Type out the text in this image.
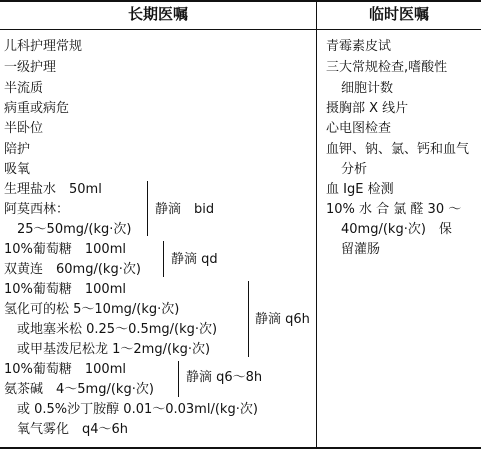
长期医嘱	临时医嘱
儿科护理常规
一级护理
半流质
病重或病危
半卧位
陪护
吸氧
生理盐水　50ml
阿莫西林：
25～50mg/(kg·次)
静滴　bid
10%葡萄糖　100ml
双黄连　60mg/(kg·次)
静滴 qd
10%葡萄糖　100ml
氢化可的松 5～10mg/(kg·次)
或地塞米松 0.25～0.5mg/(kg·次)
或甲基泼尼松龙 1～2mg/(kg·次)
静滴 q6h
10%葡萄糖　100ml
氨茶碱　4～5mg/(kg·次)
静滴 q6～8h
或 0.5%沙丁胺醇 0.01～0.03ml/(kg·次)
氧气雾化　q4～6h
青霉素皮试
三大常规检查,嗜酸性
细胞计数
摄胸部 X 线片
心电图检查
血钾、钠、氯、钙和血气
分析
血 IgE 检测
10% 水 合 氯 醛 30 ～
40mg/(kg·次)　保
留灌肠
